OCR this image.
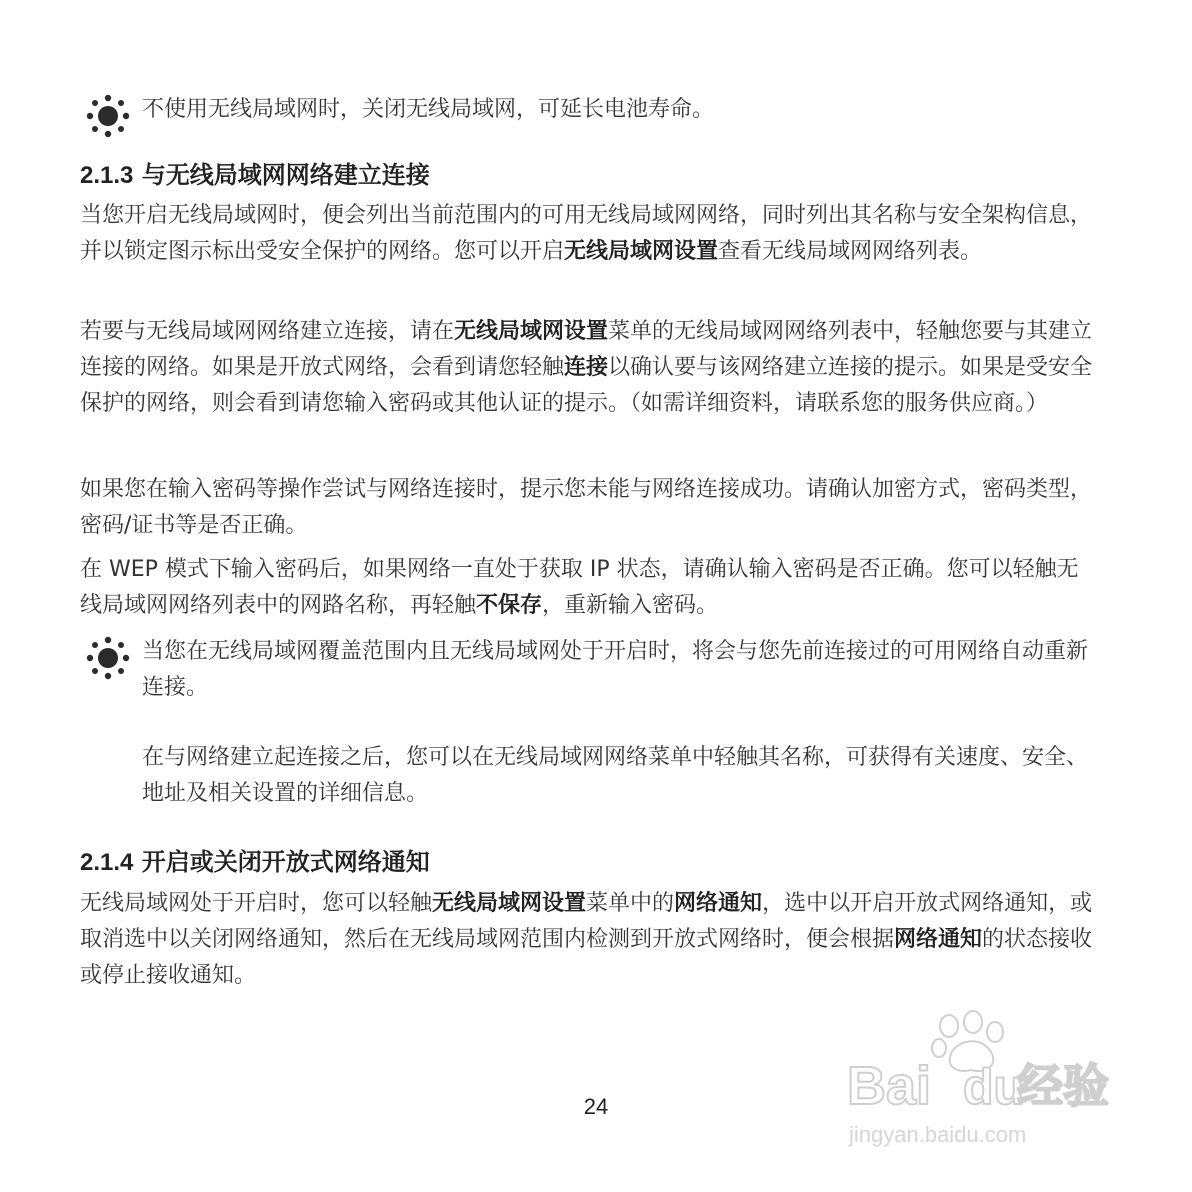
不使用无线局域网时，关闭无线局域网，可延长电池寿命。
2.1.3 与无线局域网网络建立连接

当您开启无线局域网时，便会列出当前范围内的可用无线局域网网络，同时列出其名称与安全架构信息，并以锁定图示标出受安全保护的网络。您可以开启无线局域网设置查看无线局域网网络列表。

若要与无线局域网网络建立连接，请在无线局域网设置菜单的无线局域网网络列表中，轻触您要与其建立连接的网络。如果是开放式网络，会看到请您轻触连接以确认要与该网络建立连接的提示。如果是受安全保护的网络，则会看到请您输入密码或其他认证的提示。（如需详细资料，请联系您的服务供应商。）

如果您在输入密码等操作尝试与网络连接时，提示您未能与网络连接成功。请确认加密方式，密码类型，密码/证书等是否正确。

在 WEP 模式下输入密码后，如果网络一直处于获取 IP 状态，请确认输入密码是否正确。您可以轻触无线局域网网络列表中的网路名称，再轻触不保存，重新输入密码。

当您在无线局域网覆盖范围内且无线局域网处于开启时，将会与您先前连接过的可用网络自动重新连接。
在与网络建立起连接之后，您可以在无线局域网网络菜单中轻触其名称，可获得有关速度、安全、地址及相关设置的详细信息。
2.1.4 开启或关闭开放式网络通知

无线局域网处于开启时，您可以轻触无线局域网设置菜单中的网络通知，选中以开启开放式网络通知，或取消选中以关闭网络通知，然后在无线局域网范围内检测到开放式网络时，便会根据网络通知的状态接收或停止接收通知。

24	Bai du
经验
jingyan.baidu.com
